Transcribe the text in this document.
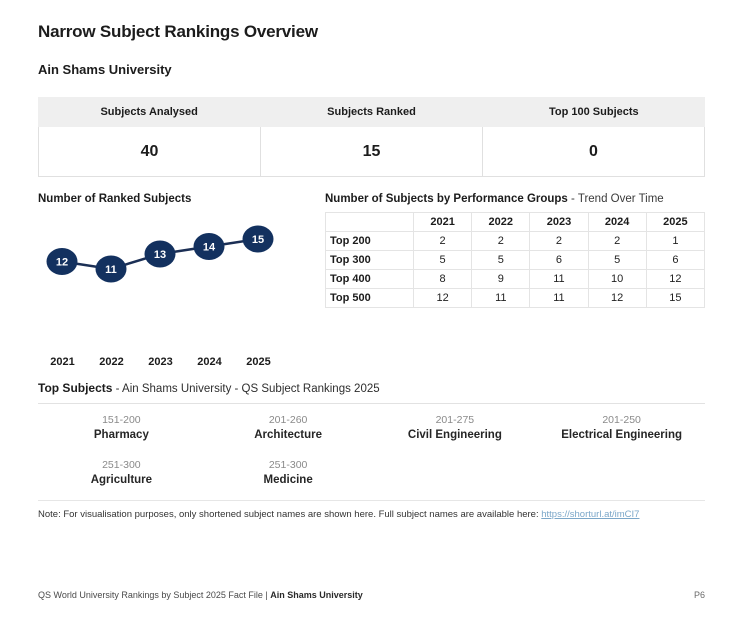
Narrow Subject Rankings Overview
Ain Shams University
Subjects Analysed	Subjects Ranked	Top 100 Subjects
40	15	0
Number of Ranked Subjects
12
11
13
14
15
Number of Subjects by Performance Groups - Trend Over Time
	2021	2022	2023	2024	2025
Top 200	2	2	2	2	1
Top 300	5	5	6	5	6
Top 400	8	9	11	10	12
Top 500	12	11	11	12	15
2021	2022	2023	2024	2025
Top Subjects - Ain Shams University - QS Subject Rankings 2025
151-200
Pharmacy
201-260
Architecture
201-275
Civil Engineering
201-250
Electrical Engineering
251-300
Agriculture
251-300
Medicine
Note: For visualisation purposes, only shortened subject names are shown here. Full subject names are available here: https://shorturl.at/imCI7
QS World University Rankings by Subject 2025 Fact File | Ain Shams University	P6
